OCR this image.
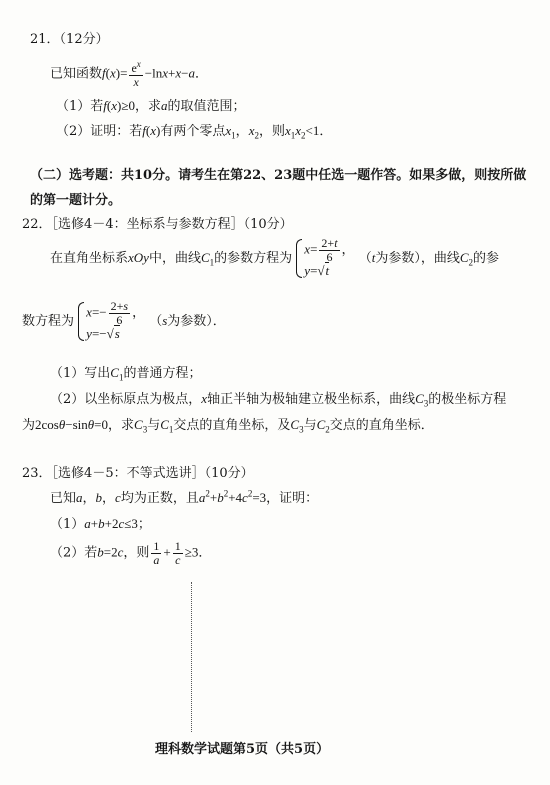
21．（12分）
已知函数$f(x)= \frac{e^x}{x} -\ln x+x-a$．
（1）若f(x)≥0，求a的取值范围；
（2）证明：若f(x)有两个零点$x_1$，$x_2$，则$x_1x_2<1$．
（二）选考题：共10分。请考生在第22、23题中任选一题作答。如果多做，则按所做
的第一题计分。
22．［选修4－4：坐标系与参数方程］（10分）
在直角坐标系xOy中，曲线$C_1$的参数方程为
$x= \frac{2+t}{6}$ ，
y=√t
（t为参数），曲线$C_2$的参
数方程为
$x=- \frac{2+s}{6}$ ，
y=−√s
（s为参数）．
（1）写出$C_1$的普通方程；
（2）以坐标原点为极点，x轴正半轴为极轴建立极坐标系，曲线$C_3$的极坐标方程
为2cosθ−sinθ=0，求$C_3$与$C_1$交点的直角坐标，及$C_3$与$C_2$交点的直角坐标．
23．［选修4－5：不等式选讲］（10分）
已知a，b，c均为正数，且$a^2+b^2+4c^2=3$，证明：
（1）a+b+2c≤3；
（2）若b=2c，则 $\frac{1}{a} + \frac{1}{c} \ge 3$．
理科数学试题第5页（共5页）
